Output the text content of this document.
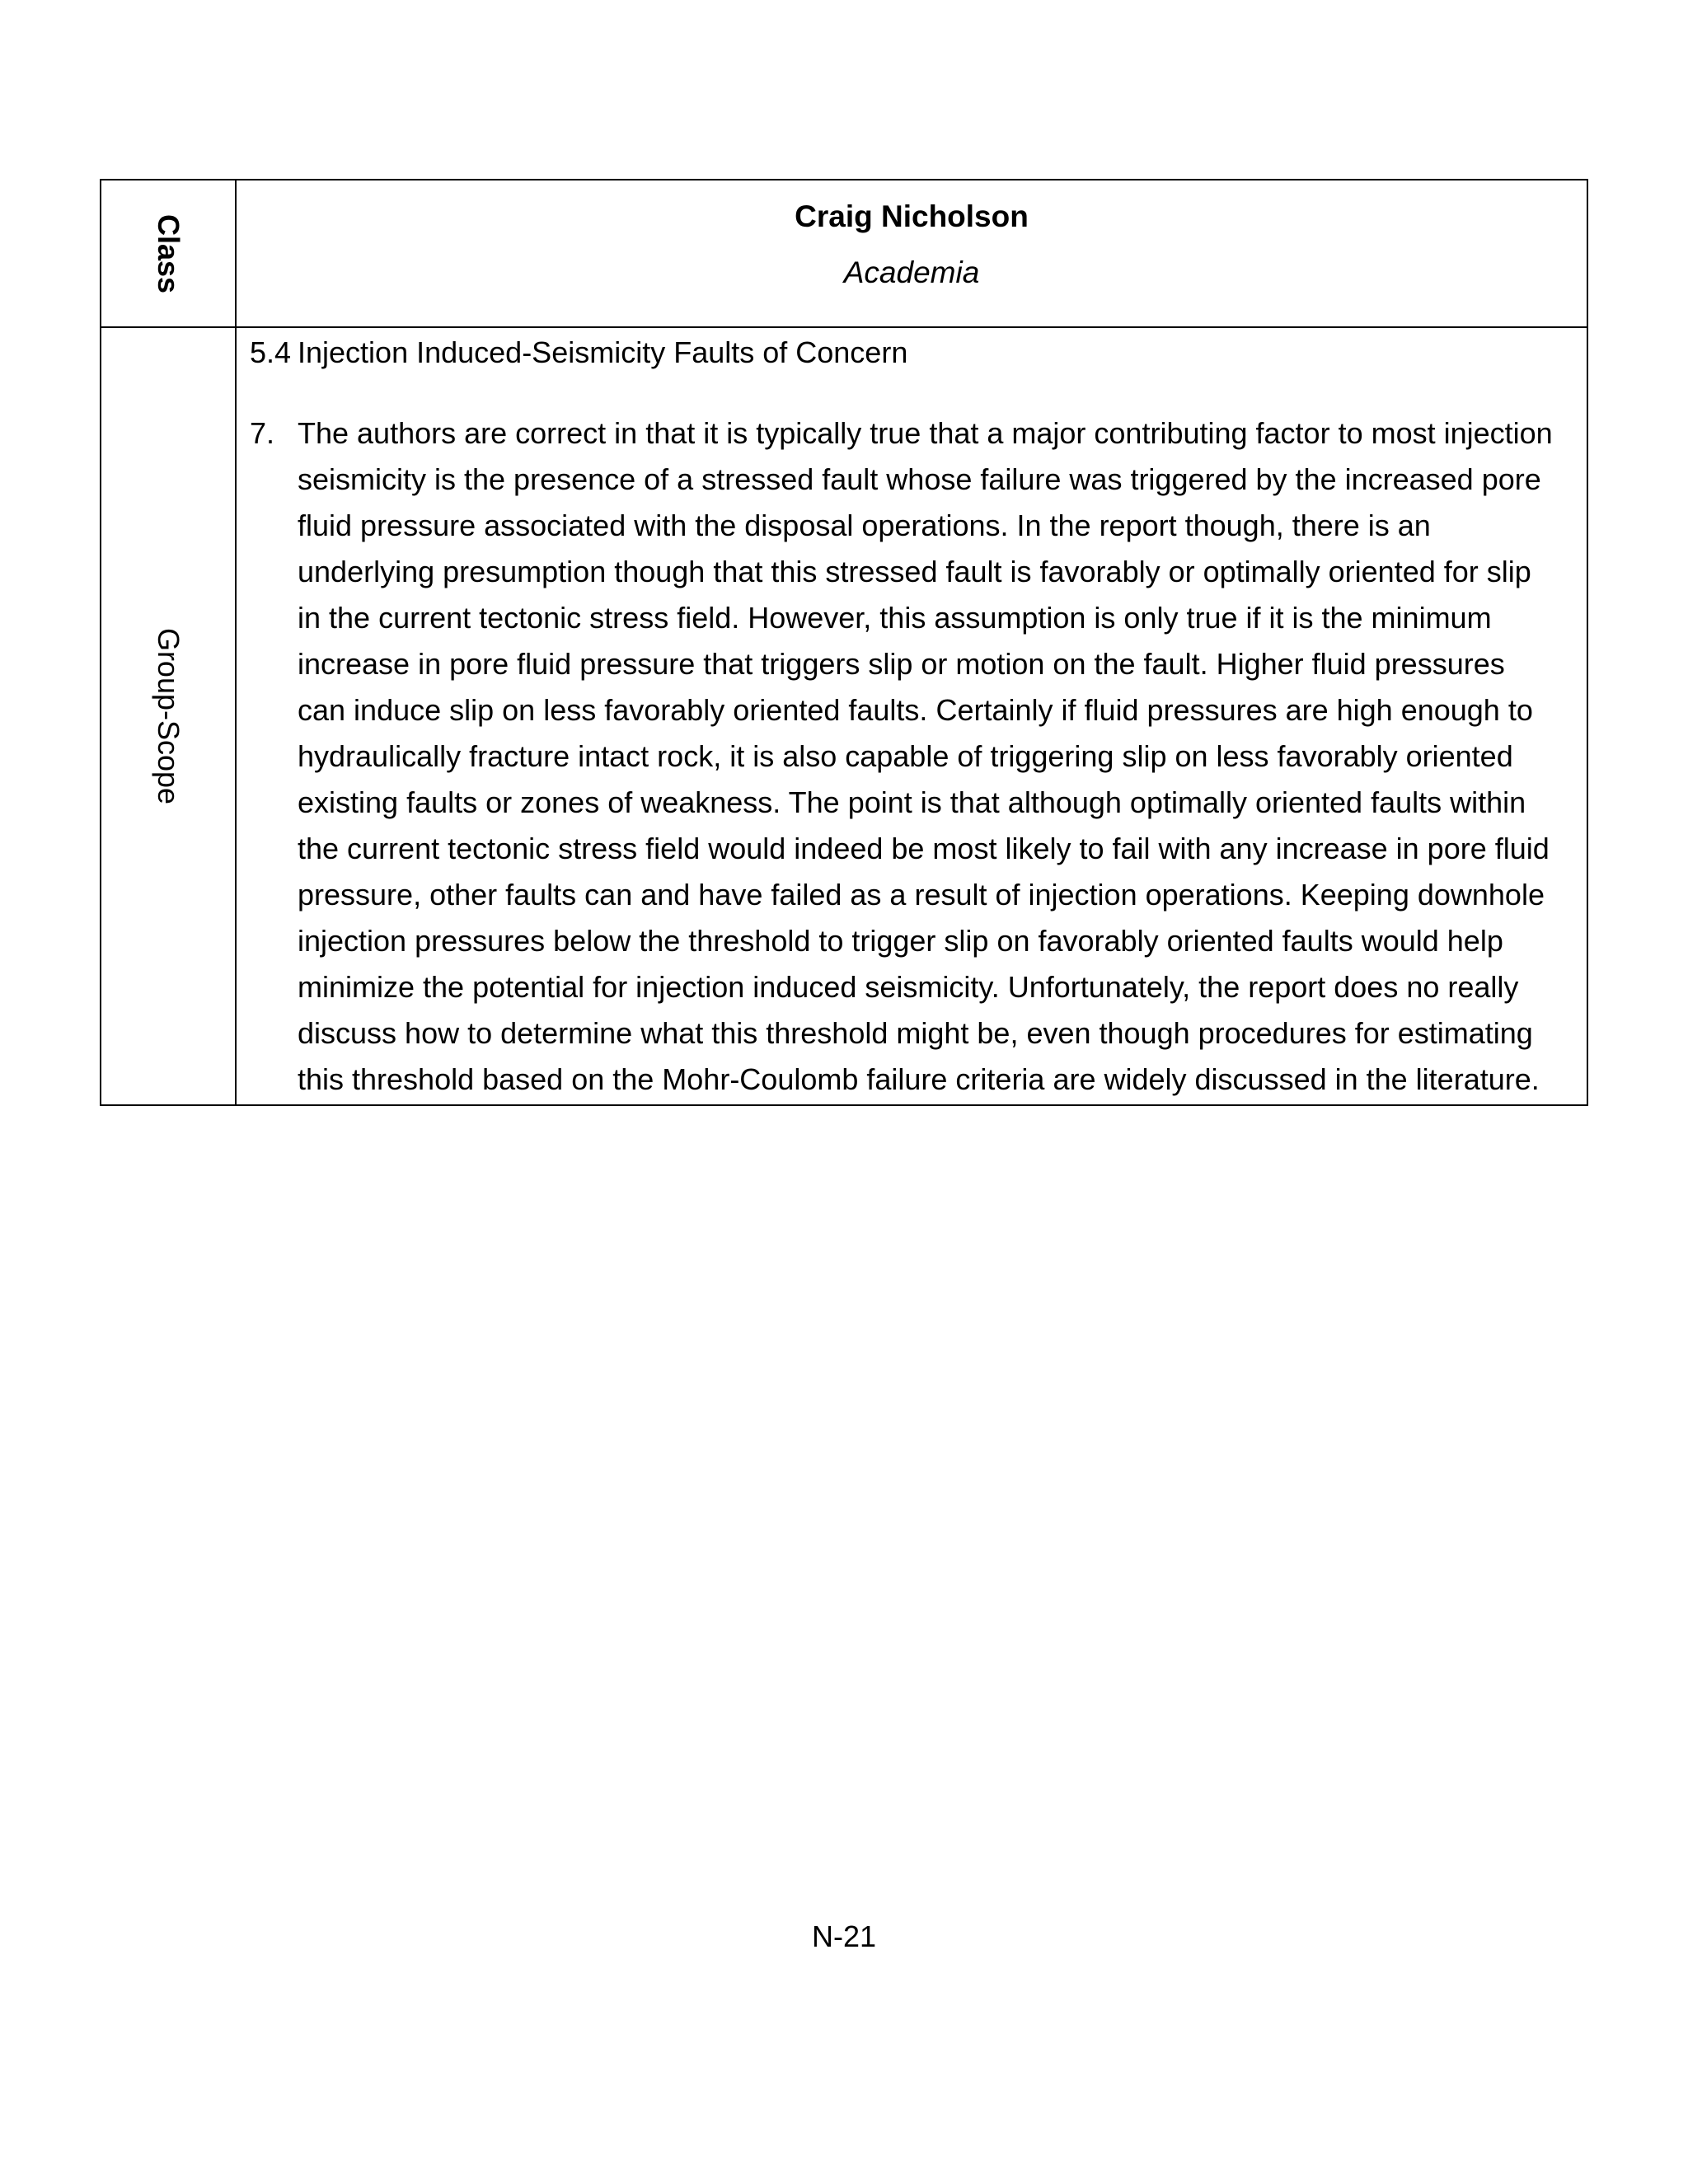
Class	Craig Nicholson

Academia

Group-Scope	5.4 Injection Induced-Seismicity Faults of Concern
7. The authors are correct in that it is typically true that a major contributing factor to most injection seismicity is the presence of a stressed fault whose failure was triggered by the increased pore fluid pressure associated with the disposal operations. In the report though, there is an underlying presumption though that this stressed fault is favorably or optimally oriented for slip in the current tectonic stress field. However, this assumption is only true if it is the minimum increase in pore fluid pressure that triggers slip or motion on the fault. Higher fluid pressures can induce slip on less favorably oriented faults. Certainly if fluid pressures are high enough to hydraulically fracture intact rock, it is also capable of triggering slip on less favorably oriented existing faults or zones of weakness. The point is that although optimally oriented faults within the current tectonic stress field would indeed be most likely to fail with any increase in pore fluid pressure, other faults can and have failed as a result of injection operations. Keeping downhole injection pressures below the threshold to trigger slip on favorably oriented faults would help minimize the potential for injection induced seismicity. Unfortunately, the report does no really discuss how to determine what this threshold might be, even though procedures for estimating this threshold based on the Mohr-Coulomb failure criteria are widely discussed in the literature.

N-21
